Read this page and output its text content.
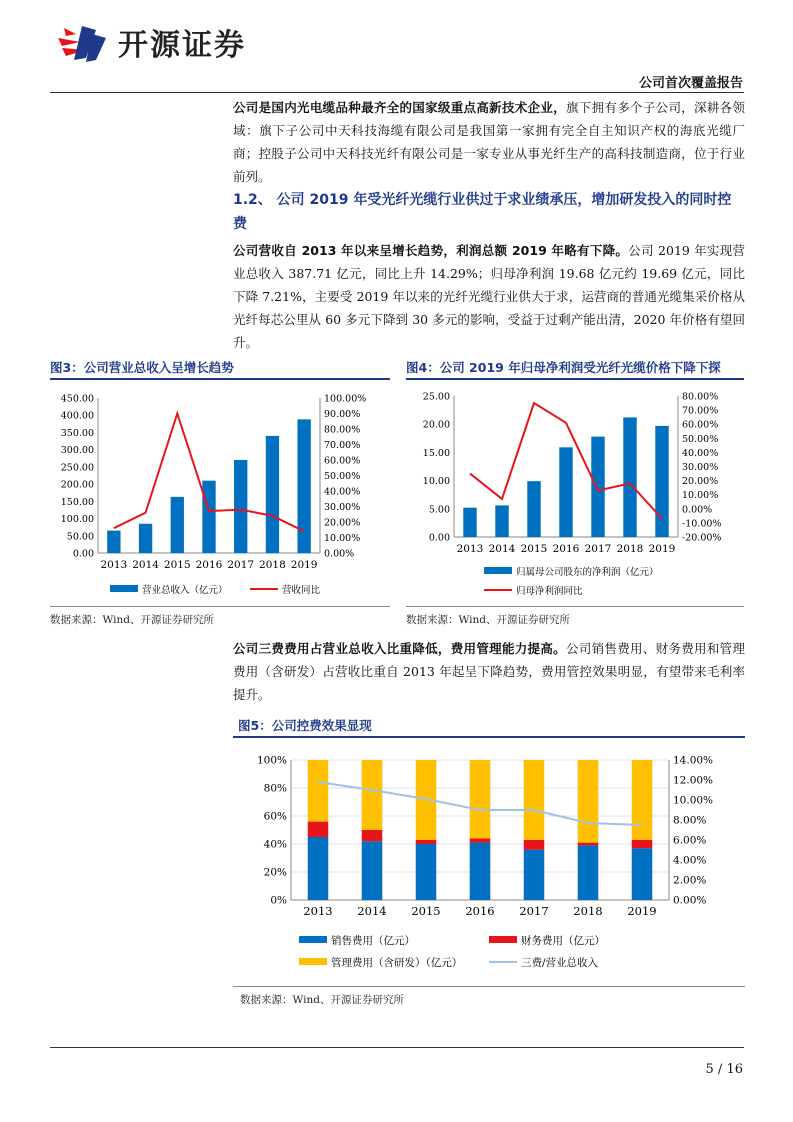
开源证券
公司首次覆盖报告
公司是国内光电缆品种最齐全的国家级重点高新技术企业，旗下拥有多个子公司，深耕各领域：旗下子公司中天科技海缆有限公司是我国第一家拥有完全自主知识产权的海底光缆厂商；控股子公司中天科技光纤有限公司是一家专业从事光纤生产的高科技制造商，位于行业前列。
1.2、 公司 2019 年受光纤光缆行业供过于求业绩承压，增加研发投入的同时控费
公司营收自 2013 年以来呈增长趋势，利润总额 2019 年略有下降。公司 2019 年实现营业总收入 387.71 亿元，同比上升 14.29%；归母净利润 19.68 亿元约 19.69 亿元，同比下降 7.21%，主要受 2019 年以来的光纤光缆行业供大于求，运营商的普通光缆集采价格从光纤每芯公里从 60 多元下降到 30 多元的影响，受益于过剩产能出清，2020 年价格有望回升。
图3：公司营业总收入呈增长趋势
0.00
50.00
100.00
150.00
200.00
250.00
300.00
350.00
400.00
450.00
0.00%
10.00%
20.00%
30.00%
40.00%
50.00%
60.00%
70.00%
80.00%
90.00%
100.00%
2013 2014 2015 2016 2017 2018 2019
营业总收入（亿元）	营收同比
数据来源：Wind、开源证券研究所
图4：公司 2019 年归母净利润受光纤光缆价格下降下探
0.00
5.00
10.00
15.00
20.00
25.00
-20.00%
-10.00%
0.00%
10.00%
20.00%
30.00%
40.00%
50.00%
60.00%
70.00%
80.00%
2013 2014 2015 2016 2017 2018 2019
归属母公司股东的净利润（亿元）
归母净利润同比
数据来源：Wind、开源证券研究所
公司三费费用占营业总收入比重降低，费用管理能力提高。公司销售费用、财务费用和管理费用（含研发）占营收比重自 2013 年起呈下降趋势，费用管控效果明显，有望带来毛利率提升。
图5：公司控费效果显现
0%
20%
40%
60%
80%
100%
0.00%
2.00%
4.00%
6.00%
8.00%
10.00%
12.00%
14.00%
2013 2014 2015 2016 2017 2018 2019
销售费用（亿元）	财务费用（亿元）
管理费用（含研发）（亿元）	三费/营业总收入
数据来源：Wind、开源证券研究所
5 / 16
